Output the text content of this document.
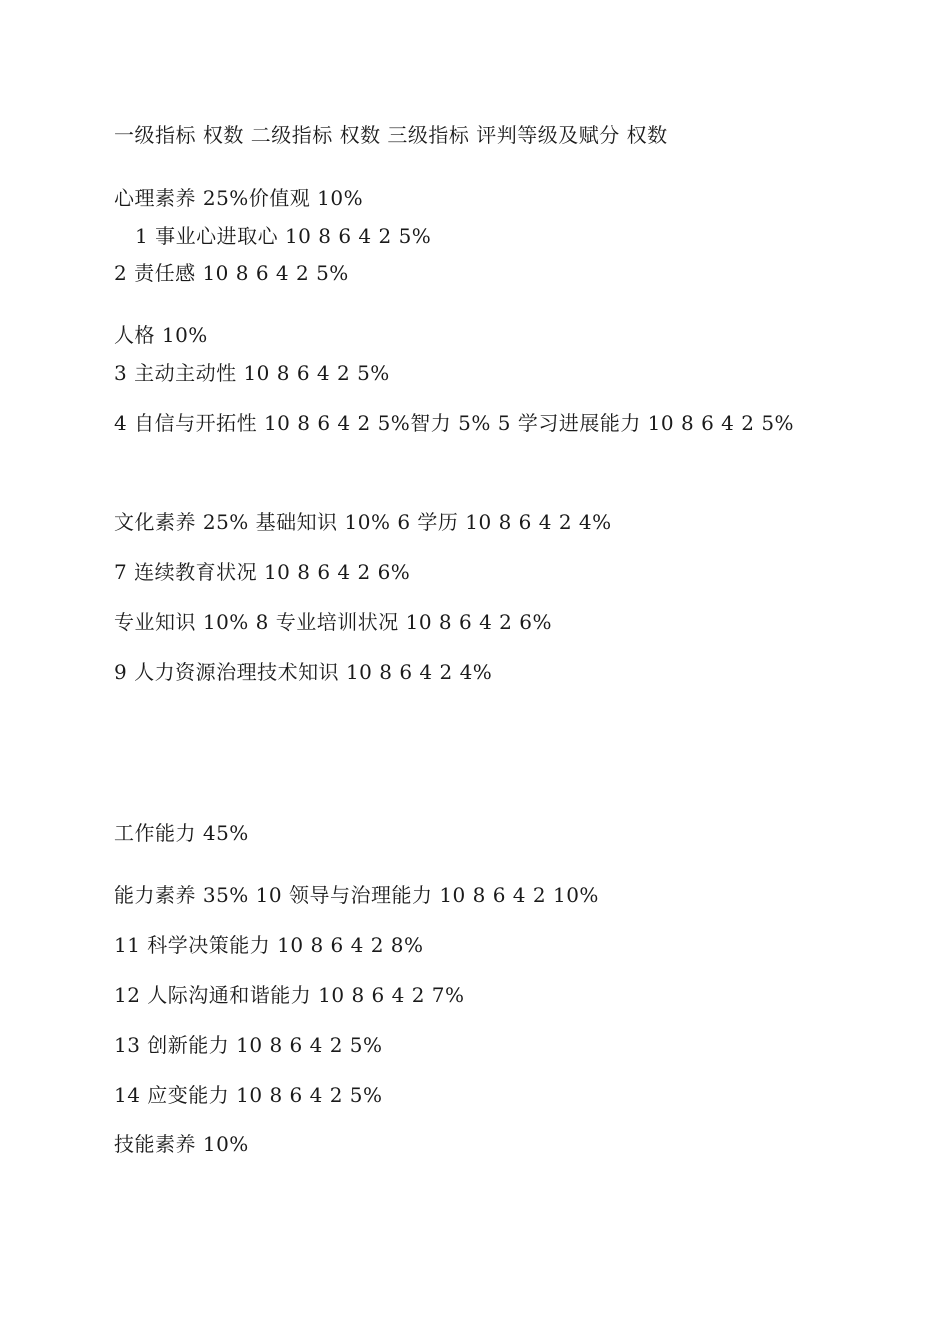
一级指标 权数 二级指标 权数 三级指标 评判等级及赋分 权数
心理素养 25%价值观 10%
1 事业心进取心 10 8 6 4 2 5%
2 责任感 10 8 6 4 2 5%
人格 10%
3 主动主动性 10 8 6 4 2 5%
4 自信与开拓性 10 8 6 4 2 5%智力 5% 5 学习进展能力 10 8 6 4 2 5%
文化素养 25% 基础知识 10% 6 学历 10 8 6 4 2 4%
7 连续教育状况 10 8 6 4 2 6%
专业知识 10% 8 专业培训状况 10 8 6 4 2 6%
9 人力资源治理技术知识 10 8 6 4 2 4%
工作能力 45%
能力素养 35% 10 领导与治理能力 10 8 6 4 2 10%
11 科学决策能力 10 8 6 4 2 8%
12 人际沟通和谐能力 10 8 6 4 2 7%
13 创新能力 10 8 6 4 2 5%
14 应变能力 10 8 6 4 2 5%
技能素养 10%
